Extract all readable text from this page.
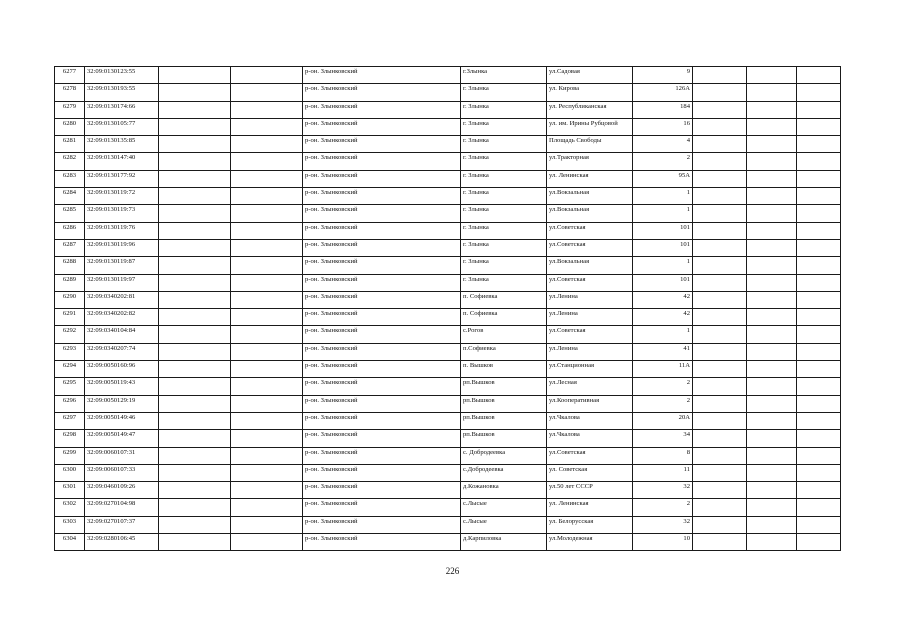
6277	32:09:0130123:55			р-он. Злынковский	г.Злынка	ул.Садовая	9			
6278	32:09:0130193:55			р-он. Злынковский	г. Злынка	ул. Кирова	126А			
6279	32:09:0130174:66			р-он. Злынковский	г. Злынка	ул. Республиканская	184			
6280	32:09:0130105:77			р-он. Злынковский	г. Злынка	ул. им. Ирины Рубцовой	16			
6281	32:09:0130135:85			р-он. Злынковский	г. Злынка	Площадь Свободы	4			
6282	32:09:0130147:40			р-он. Злынковский	г. Злынка	ул.Тракторная	2			
6283	32:09:0130177:92			р-он. Злынковский	г. Злынка	ул. Ленинская	95А			
6284	32:09:0130119:72			р-он. Злынковский	г. Злынка	ул.Вокзальная	1			
6285	32:09:0130119:73			р-он. Злынковский	г. Злынка	ул.Вокзальная	1			
6286	32:09:0130119:76			р-он. Злынковский	г. Злынка	ул.Советская	101			
6287	32:09:0130119:96			р-он. Злынковский	г. Злынка	ул.Советская	101			
6288	32:09:0130119:87			р-он. Злынковский	г. Злынка	ул.Вокзальная	1			
6289	32:09:0130119:97			р-он. Злынковский	г. Злынка	ул.Советская	101			
6290	32:09:0340202:81			р-он. Злынковский	п. Софиевка	ул.Ленина	42			
6291	32:09:0340202:82			р-он. Злынковский	п. Софиевка	ул.Ленина	42			
6292	32:09:0340104:84			р-он. Злынковский	с.Рогов	ул.Советская	1			
6293	32:09:0340207:74			р-он. Злынковский	п.Софиевка	ул.Ленина	41			
6294	32:09:0050160:96			р-он. Злынковский	п. Вышков	ул.Станционная	11А			
6295	32:09:0050119:43			р-он. Злынковский	рп.Вышков	ул.Лесная	2			
6296	32:09:0050129:19			р-он. Злынковский	рп.Вышков	ул.Кооперативная	2			
6297	32:09:0050149:46			р-он. Злынковский	рп.Вышков	ул.Чкалова	20А			
6298	32:09:0050149:47			р-он. Злынковский	рп.Вышков	ул.Чкалова	34			
6299	32:09:0060107:31			р-он. Злынковский	с. Добродеевка	ул.Советская	8			
6300	32:09:0060107:33			р-он. Злынковский	с.Добродеевка	ул. Советская	11			
6301	32:09:0460109:26			р-он. Злынковский	д.Кожановка	ул.50 лет СССР	32			
6302	32:09:0270104:98			р-он. Злынковский	с.Лысые	ул. Ленинская	2			
6303	32:09:0270107:37			р-он. Злынковский	с.Лысые	ул. Белорусская	32			
6304	32:09:0280106:45			р-он. Злынковский	д.Карпиловка	ул.Молодежная	10			
226
